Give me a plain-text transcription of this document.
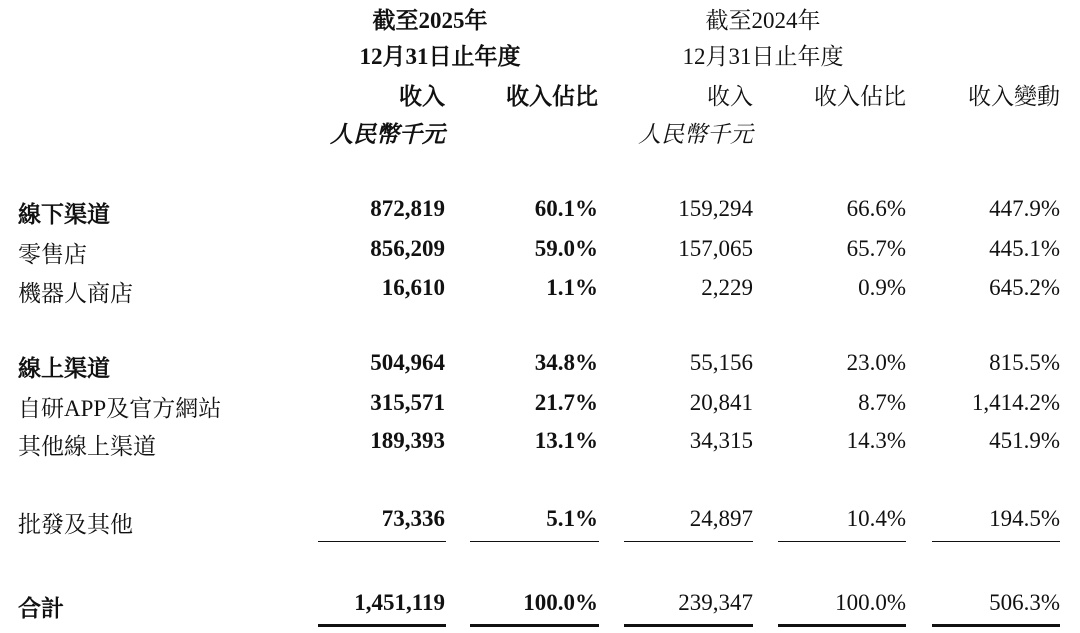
截至2025年
12月31日止年度
截至2024年
12月31日止年度
收入	收入佔比	收入	收入佔比	收入變動
人民幣千元	人民幣千元
線下渠道	872,819	60.1%	159,294	66.6%	447.9%
零售店	856,209	59.0%	157,065	65.7%	445.1%
機器人商店	16,610	1.1%	2,229	0.9%	645.2%
線上渠道	504,964	34.8%	55,156	23.0%	815.5%
自研APP及官方網站	315,571	21.7%	20,841	8.7%	1,414.2%
其他線上渠道	189,393	13.1%	34,315	14.3%	451.9%
批發及其他	73,336	5.1%	24,897	10.4%	194.5%
合計	1,451,119	100.0%	239,347	100.0%	506.3%
